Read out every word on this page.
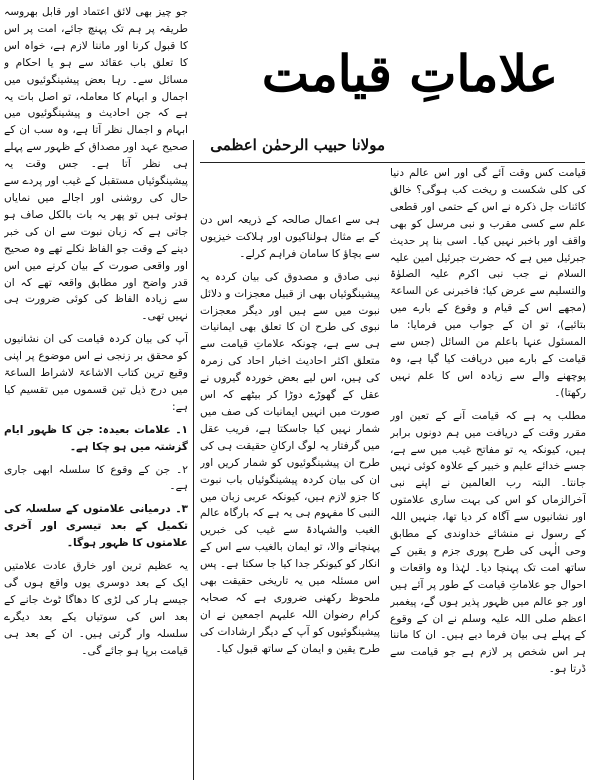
علاماتِ قیامت
مولانا حبیب الرحمٰن اعظمی

قیامت کس وقت آئے گی اور اس عالم دنیا کی کلی شکست و ریخت کب ہوگی؟ خالق کائنات جل ذکرہ نے اس کے حتمی اور قطعی علم سے کسی مقرب و نبی مرسل کو بھی واقف اور باخبر نہیں کیا۔ اسی بنا پر حدیث جبرئیل میں ہے کہ حضرت جبرئیل امین علیہ السلام نے جب نبی اکرم علیہ الصلوٰۃ والتسلیم سے عرض کیا: فاخبرنی عن الساعۃ (مجھے اس کے قیام و وقوع کے بارے میں بتائیے)، تو ان کے جواب میں فرمایا: ما المسئول عنہا باعلم من السائل (جس سے قیامت کے بارے میں دریافت کیا گیا ہے، وہ پوچھنے والے سے زیادہ اس کا علم نہیں رکھتا)۔

مطلب یہ ہے کہ قیامت آنے کے تعین اور مقرر وقت کے دریافت میں ہم دونوں برابر ہیں، کیونکہ یہ تو مفاتح غیب میں سے ہے، جسے خدائے علیم و خبیر کے علاوہ کوئی نہیں جانتا۔ البتہ رب العالمین نے اپنے نبی آخرالزماں کو اس کی بہت ساری علامتوں اور نشانیوں سے آگاہ کر دیا تھا، جنہیں اللہ کے رسول نے منشائے خداوندی کے مطابق وحی الٰہی کی طرح پوری جزم و یقین کے ساتھ امت تک پہنچا دیا۔ لہٰذا وہ واقعات و احوال جو علاماتِ قیامت کے طور پر آئے ہیں اور جو عالم میں ظہور پذیر ہوں گے، پیغمبر اعظم صلی اللہ علیہ وسلم نے ان کے وقوع کے پہلے ہی بیان فرما دیے ہیں۔ ان کا ماننا ہر اس شخص پر لازم ہے جو قیامت سے ڈرتا ہو۔

ہی سے اعمال صالحہ کے ذریعہ اس دن کے بے مثال ہولناکیوں اور ہلاکت خیزیوں سے بچاؤ کا سامان فراہم کرلے۔

نبی صادق و مصدوق کی بیان کردہ یہ پیشینگوئیاں بھی از قبیل معجزات و دلائل نبوت میں سے ہیں اور دیگر معجزات نبوی کی طرح ان کا تعلق بھی ایمانیات ہی سے ہے، چونکہ علاماتِ قیامت سے متعلق اکثر احادیث اخبار احاد کی زمرہ کی ہیں، اس لیے بعض خوردہ گیروں نے عقل کے گھوڑے دوڑا کر بیٹھے کہ اس صورت میں انہیں ایمانیات کی صف میں شمار نہیں کیا جاسکتا ہے، فریب عقل میں گرفتار یہ لوگ ارکانِ حقیقت ہی کی طرح ان پیشینگوئیوں کو شمار کریں اور ان کی بیان کردہ پیشینگوئیاں باب نبوت کا جزو لازم ہیں، کیونکہ عربی زبان میں النبی کا مفہوم ہی یہ ہے کہ بارگاہ عالم الغیب والشہادۃ سے غیب کی خبریں پہنچانے والا، تو ایمان بالغیب سے اس کے انکار کو کیونکر جدا کیا جا سکتا ہے۔ پس اس مسئلہ میں یہ تاریخی حقیقت بھی ملحوظ رکھنی ضروری ہے کہ صحابہ کرام رضوان اللہ علیہم اجمعین نے ان پیشینگوئیوں کو آپ کے دیگر ارشادات کی طرح یقین و ایمان کے ساتھ قبول کیا۔

جو چیز بھی لائق اعتماد اور قابل بھروسہ طریقہ پر ہم تک پہنچ جائے، امت پر اس کا قبول کرنا اور ماننا لازم ہے، خواہ اس کا تعلق باب عقائد سے ہو یا احکام و مسائل سے۔ رہا بعض پیشینگوئیوں میں اجمال و ابہام کا معاملہ، تو اصل بات یہ ہے کہ جن احادیث و پیشینگوئیوں میں ابہام و اجمال نظر آتا ہے، وہ سب ان کے صحیح عہد اور مصداق کے ظہور سے پہلے ہی نظر آتا ہے۔ جس وقت یہ پیشینگوئیاں مستقبل کے غیب اور پردے سے حال کی روشنی اور اجالے میں نمایاں ہوتی ہیں تو پھر یہ بات بالکل صاف ہو جاتی ہے کہ زبان نبوت سے ان کی خبر دینے کے وقت جو الفاظ نکلے تھے وہ صحیح اور واقعی صورت کے بیان کرنے میں اس قدر واضح اور مطابق واقعہ تھے کہ ان سے زیادہ الفاظ کی کوئی ضرورت ہی نہیں تھی۔

آپ کی بیان کردہ قیامت کی ان نشانیوں کو محقق بر زنجی نے اس موضوع پر اپنی وقیع ترین کتاب الاشاعۃ لاشراط الساعۃ میں درج ذیل تین قسموں میں تقسیم کیا ہے:

۱۔ علامات بعیدہ: جن کا ظہور ایام گزشتہ میں ہو چکا ہے۔

۲۔ جن کے وقوع کا سلسلہ ابھی جاری ہے۔

۳۔ درمیانی علامتوں کے سلسلہ کی تکمیل کے بعد تیسری اور آخری علامتوں کا ظہور ہوگا۔

یہ عظیم ترین اور خارق عادت علامتیں ایک کے بعد دوسری یوں واقع ہوں گی جیسے ہار کی لڑی کا دھاگا ٹوٹ جانے کے بعد اس کی سوتیاں یکے بعد دیگرے سلسلہ وار گرتی ہیں۔ ان کے بعد ہی قیامت برپا ہو جائے گی۔
